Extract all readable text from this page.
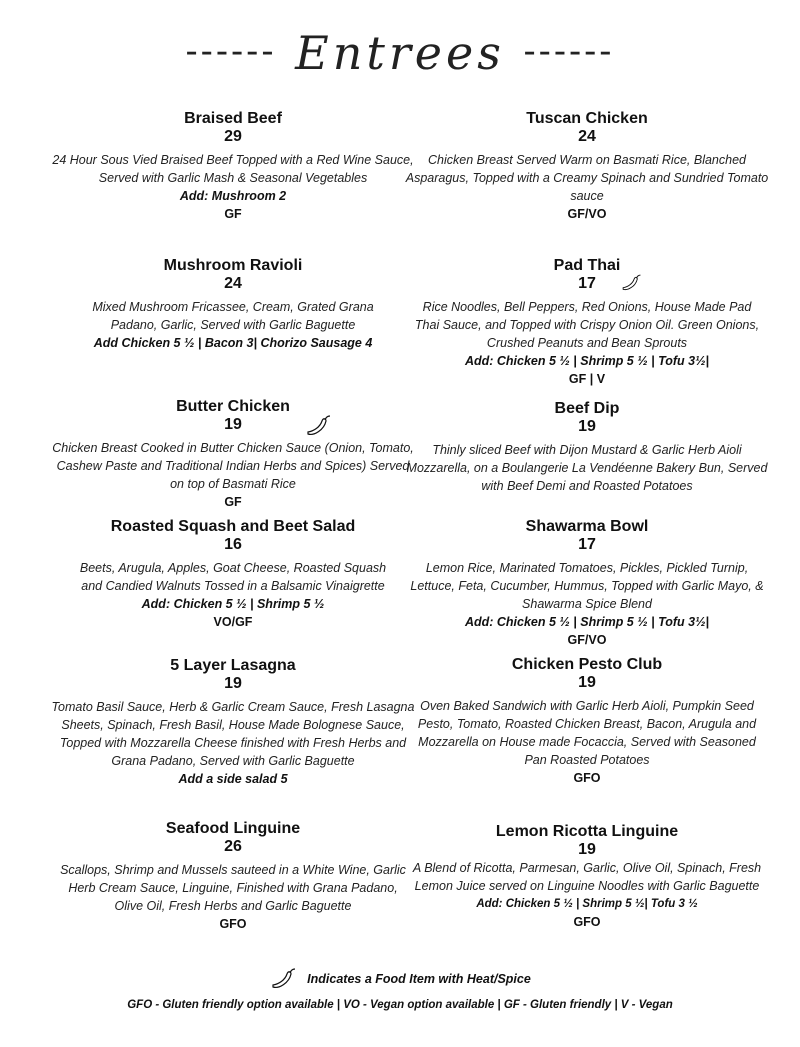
------ Entrees ------
Braised Beef
29
24 Hour Sous Vied Braised Beef Topped with a Red Wine Sauce, Served with Garlic Mash & Seasonal Vegetables
Add: Mushroom 2
GF
Mushroom Ravioli
24
Mixed Mushroom Fricassee, Cream, Grated Grana Padano, Garlic, Served with Garlic Baguette
Add Chicken 5 ½ | Bacon 3| Chorizo Sausage 4
Butter Chicken
19
Chicken Breast Cooked in Butter Chicken Sauce (Onion, Tomato, Cashew Paste and Traditional Indian Herbs and Spices) Served on top of Basmati Rice
GF
Roasted Squash and Beet Salad
16
Beets, Arugula, Apples, Goat Cheese, Roasted Squash and Candied Walnuts Tossed in a Balsamic Vinaigrette
Add: Chicken 5 ½ | Shrimp 5 ½
VO/GF
5 Layer Lasagna
19
Tomato Basil Sauce, Herb & Garlic Cream Sauce, Fresh Lasagna Sheets, Spinach, Fresh Basil, House Made Bolognese Sauce, Topped with Mozzarella Cheese finished with Fresh Herbs and Grana Padano, Served with Garlic Baguette
Add a side salad 5
Seafood Linguine
26
Scallops, Shrimp and Mussels sauteed in a White Wine, Garlic Herb Cream Sauce, Linguine, Finished with Grana Padano, Olive Oil, Fresh Herbs and Garlic Baguette
GFO
Tuscan Chicken
24
Chicken Breast Served Warm on Basmati Rice, Blanched Asparagus, Topped with a Creamy Spinach and Sundried Tomato sauce
GF/VO
Pad Thai
17
Rice Noodles, Bell Peppers, Red Onions, House Made Pad Thai Sauce, and Topped with Crispy Onion Oil. Green Onions, Crushed Peanuts and Bean Sprouts
Add: Chicken 5 ½ | Shrimp 5 ½ | Tofu 3½|
GF | V
Beef Dip
19
Thinly sliced Beef with Dijon Mustard & Garlic Herb Aioli Mozzarella, on a Boulangerie La Vendéenne Bakery Bun, Served with Beef Demi and Roasted Potatoes
Shawarma Bowl
17
Lemon Rice, Marinated Tomatoes, Pickles, Pickled Turnip, Lettuce, Feta, Cucumber, Hummus, Topped with Garlic Mayo, & Shawarma Spice Blend
Add: Chicken 5 ½ | Shrimp 5 ½ | Tofu 3½|
GF/VO
Chicken Pesto Club
19
Oven Baked Sandwich with Garlic Herb Aioli, Pumpkin Seed Pesto, Tomato, Roasted Chicken Breast, Bacon, Arugula and Mozzarella on House made Focaccia, Served with Seasoned Pan Roasted Potatoes
GFO
Lemon Ricotta Linguine
19
A Blend of Ricotta, Parmesan, Garlic, Olive Oil, Spinach, Fresh Lemon Juice served on Linguine Noodles with Garlic Baguette
Add: Chicken 5 ½ | Shrimp 5 ½| Tofu 3 ½
GFO
Indicates a Food Item with Heat/Spice
GFO - Gluten friendly option available | VO - Vegan option available | GF - Gluten friendly | V - Vegan
